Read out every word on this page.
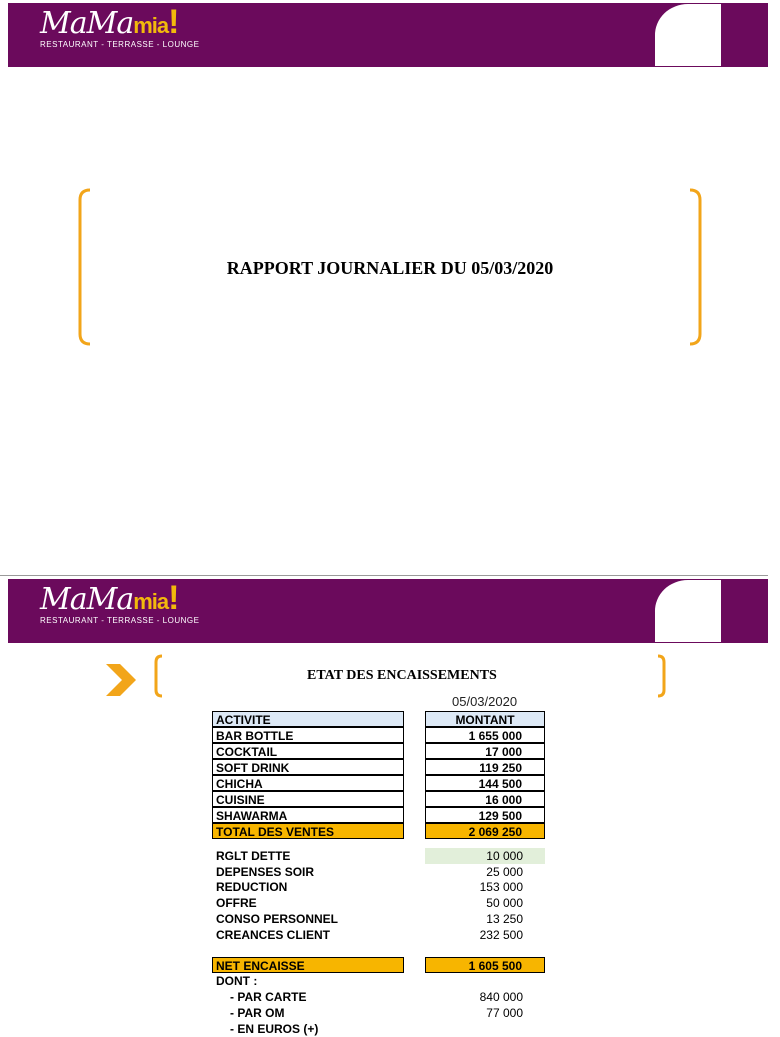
MaMamia!
RESTAURANT - TERRASSE - LOUNGE
RAPPORT JOURNALIER DU 05/03/2020
MaMamia!
RESTAURANT - TERRASSE - LOUNGE
ETAT DES ENCAISSEMENTS
05/03/2020
ACTIVITE	MONTANT
BAR BOTTLE	1 655 000
COCKTAIL	17 000
SOFT DRINK	119 250
CHICHA	144 500
CUISINE	16 000
SHAWARMA	129 500
TOTAL DES VENTES	2 069 250
RGLT DETTE	10 000
DEPENSES SOIR	25 000
REDUCTION	153 000
OFFRE	50 000
CONSO PERSONNEL	13 250
CREANCES CLIENT	232 500
NET ENCAISSE	1 605 500
DONT :
- PAR CARTE	840 000
- PAR OM	77 000
- EN EUROS (+)
